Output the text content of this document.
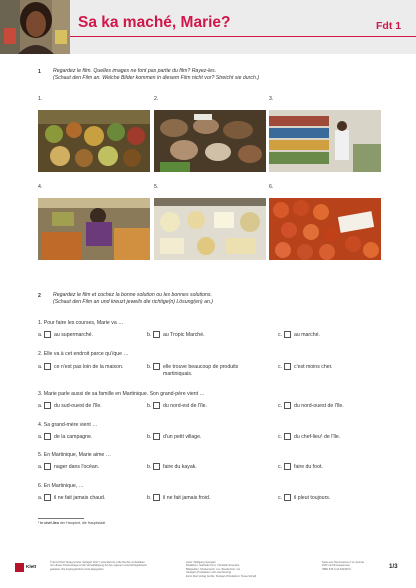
Sa ka maché, Marie?	Fdt 1
1 Regardez le film. Quelles images ne font pas partie du film? Rayez-les.
(Schaut den Film an. Welche Bilder kommen in diesem Film nicht vor? Streicht sie durch.)
1.	2.	3.
4.	5.	6.
2 Regardez le film et cochez la bonne solution ou les bonnes solutions.
(Schaut den Film an und kreuzt jeweils die richtige(n) Lösung(en) an.)
1. Pour faire les courses, Marie va …
a. au supermarché.	b. au Tropic Marché.	c. au marché.
2. Elle va à cet endroit parce qu'/que …
a. ce n'est pas loin de la maison.	b. elle trouve beaucoup de produits
martiniquais.
c. c'est moins cher.
3. Marie parle aussi de sa famille en Martinique. Son grand-père vient …
a. du sud-ouest de l'île.	b. du nord-est de l'île.	c. du nord-ouest de l'île.
4. Sa grand-mère vient …
a. de la campagne.	b. d'un petit village.	c. du chef-lieu¹ de l'île.
5. En Martinique, Marie aime …
a. nager dans l'océan.	b. faire du kayak.	c. faire du foot.
6. En Martinique, …
a. il ne fait jamais chaud.	b. il ne fait jamais froid.	c. il pleut toujours.
¹ le chef-lieu der Hauptort, die Hauptstadt
Klett
© Ernst Klett Verlag GmbH, Stuttgart 2017 | www.klett.de | Alle Rechte vorbehalten.
Von dieser Druckvorlage ist die Vervielfältigung für den eigenen Unterrichtsgebrauch
gestattet. Die Kopiergebühren sind abgegolten.
Autor: Wolfgang Spengler
Redaktion: Gabriele Forst, Christelle Souvaine
Bildquellen: Shutterstock: xxx; iStockphoto: xxx
Stuttgart (Produktion und Lizenzierung)
Ernst Klett Verlag GmbH, Stuttgart (Produktion: Tessa Schell)
Seite aus: Découvertes 2 Le Journal
DVD mit Filmsequenzen
ISBN 978-3-12-622345-6	1/3
